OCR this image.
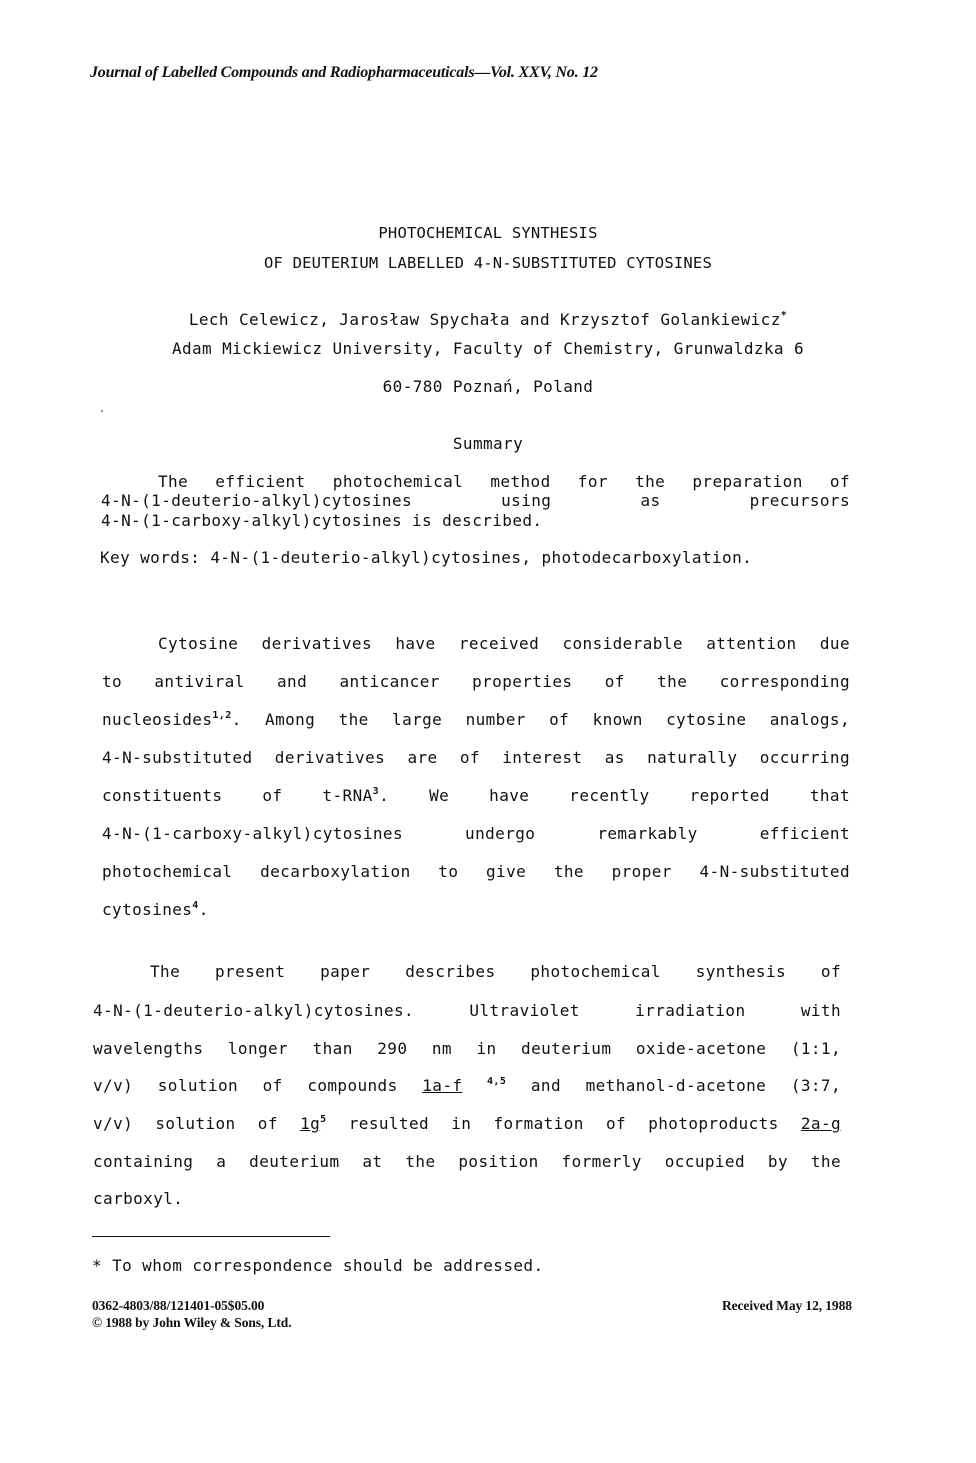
Journal of Labelled Compounds and Radiopharmaceuticals—Vol. XXV, No. 12
PHOTOCHEMICAL SYNTHESIS
OF DEUTERIUM LABELLED 4-N-SUBSTITUTED CYTOSINES
Lech Celewicz, Jarosław Spychała and Krzysztof Golankiewicz*
Adam Mickiewicz University, Faculty of Chemistry, Grunwaldzka 6
60-780 Poznań, Poland
Summary
The efficient photochemical method for the preparation of
4-N-(1-deuterio-alkyl)cytosines using as precursors
4-N-(1-carboxy-alkyl)cytosines is described.
Key words: 4-N-(1-deuterio-alkyl)cytosines, photodecarboxylation.
Cytosine derivatives have received considerable attention due
to antiviral and anticancer properties of the corresponding
nucleosides$^{1,2}$. Among the large number of known cytosine analogs,
4-N-substituted derivatives are of interest as naturally occurring
constituents of t-RNA$^3$. We have recently reported that
4-N-(1-carboxy-alkyl)cytosines undergo remarkably efficient
photochemical decarboxylation to give the proper 4-N-substituted
cytosines$^4$.
The present paper describes photochemical synthesis of
4-N-(1-deuterio-alkyl)cytosines. Ultraviolet irradiation with
wavelengths longer than 290 nm in deuterium oxide-acetone (1:1,
v/v) solution of compounds 1a-f $^{4,5}$ and methanol-d-acetone (3:7,
v/v) solution of $1g^5$ resulted in formation of photoproducts 2a-g
containing a deuterium at the position formerly occupied by the
carboxyl.
* To whom correspondence should be addressed.
0362-4803/88/121401-05$05.00
© 1988 by John Wiley & Sons, Ltd.
Received May 12, 1988
